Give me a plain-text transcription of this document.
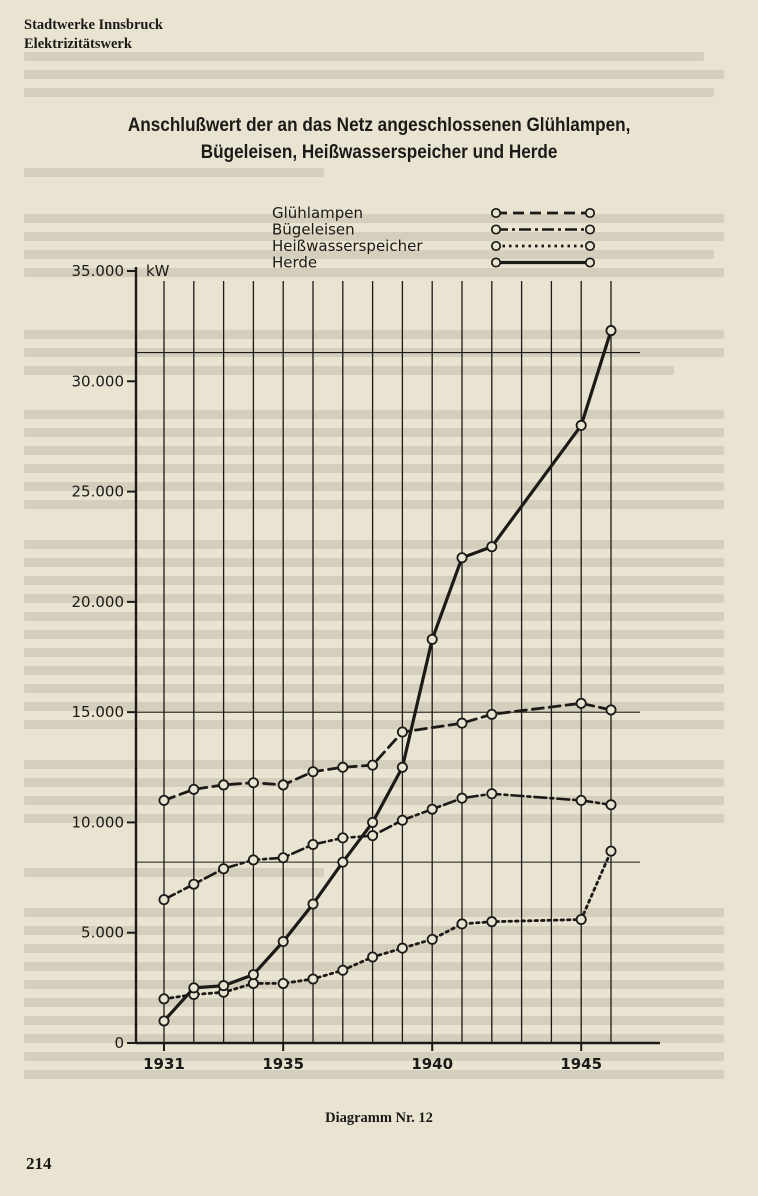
Stadtwerke Innsbruck
Elektrizitätswerk
Anschlußwert der an das Netz angeschlossenen Glühlampen,
Bügeleisen, Heißwasserspeicher und Herde
0
5.000
10.000
15.000
20.000
25.000
30.000
35.000 kW
1931	1935	1940	1945
Glühlampen
Bügeleisen
Heißwasserspeicher
Herde
Diagramm Nr. 12
214
